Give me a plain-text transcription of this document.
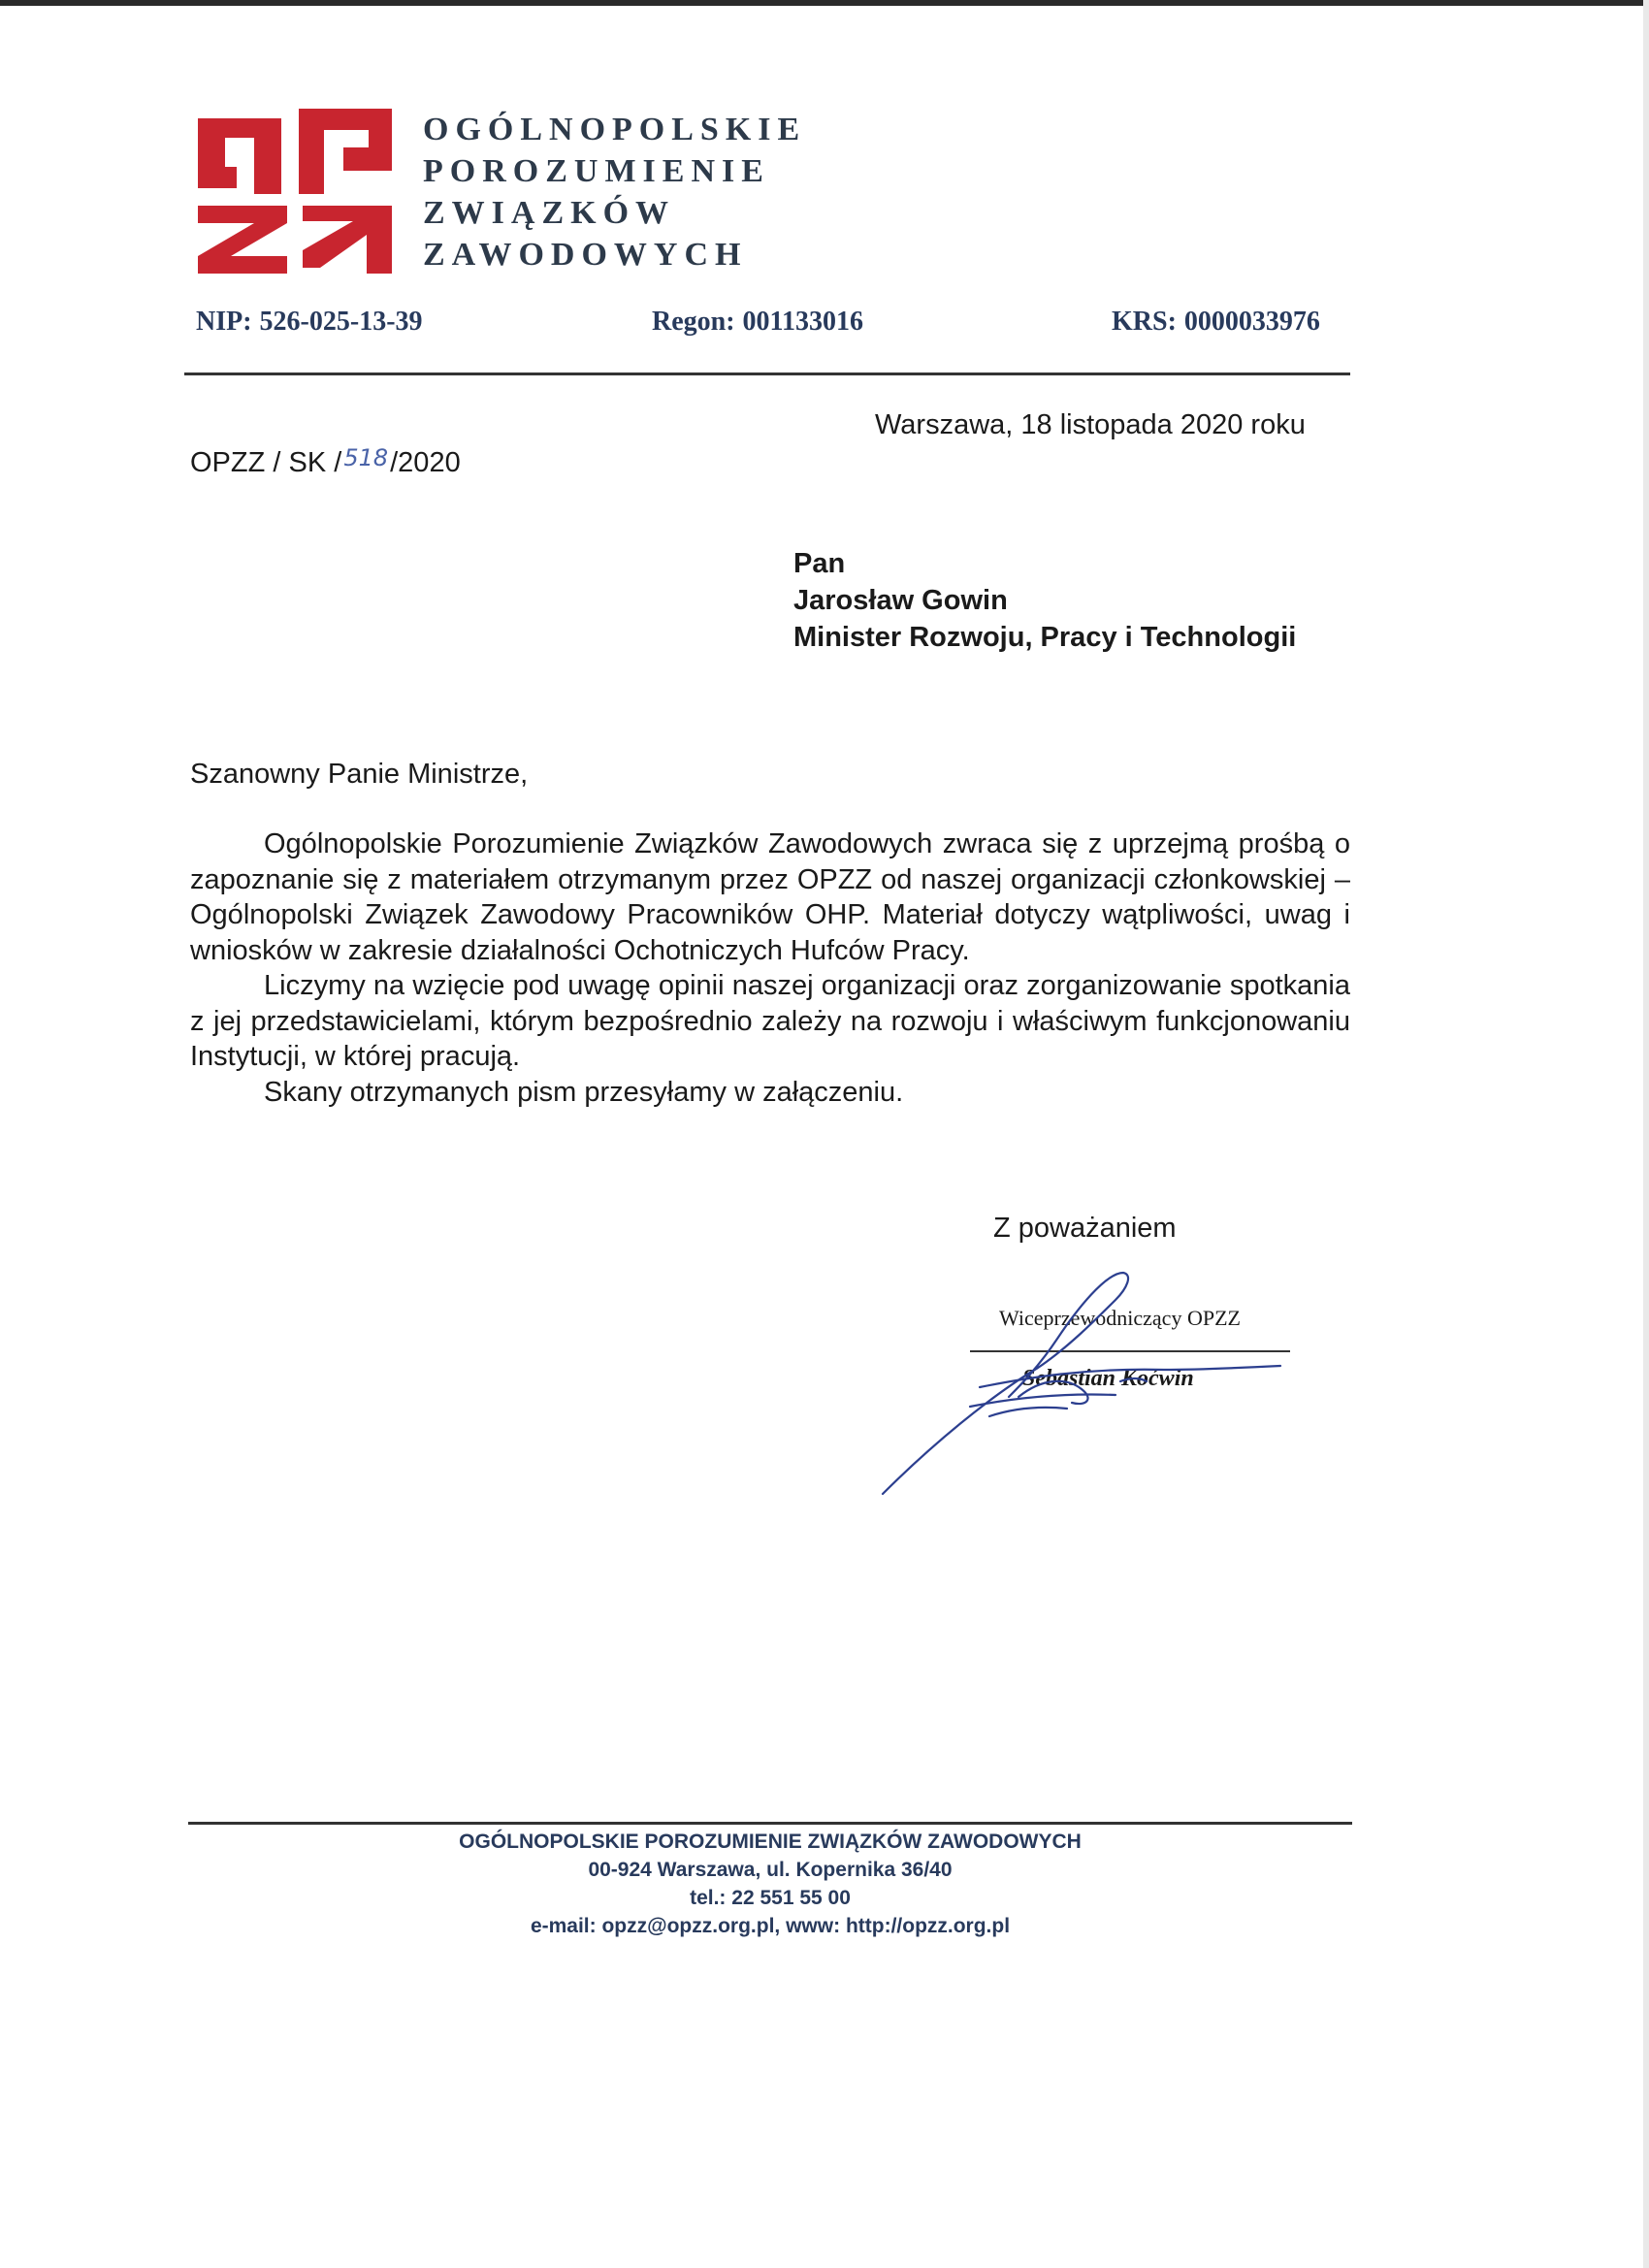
OGÓLNOPOLSKIE
POROZUMIENIE
ZWIĄZKÓW
ZAWODOWYCH
NIP: 526-025-13-39	Regon: 001133016	KRS: 0000033976
Warszawa, 18 listopada 2020 roku
OPZZ / SK /$^{518}$/2020
Pan
Jarosław Gowin
Minister Rozwoju, Pracy i Technologii
Szanowny Panie Ministrze,

Ogólnopolskie Porozumienie Związków Zawodowych zwraca się z uprzejmą prośbą o zapoznanie się z materiałem otrzymanym przez OPZZ od naszej organizacji członkowskiej – Ogólnopolski Związek Zawodowy Pracowników OHP. Materiał dotyczy wątpliwości, uwag i wniosków w zakresie działalności Ochotniczych Hufców Pracy.

Liczymy na wzięcie pod uwagę opinii naszej organizacji oraz zorganizowanie spotkania z jej przedstawicielami, którym bezpośrednio zależy na rozwoju i właściwym funkcjonowaniu Instytucji, w której pracują.

Skany otrzymanych pism przesyłamy w załączeniu.

Z poważaniem
Wiceprzewodniczący OPZZ
Sebastian Koćwin
OGÓLNOPOLSKIE POROZUMIENIE ZWIĄZKÓW ZAWODOWYCH
00-924 Warszawa, ul. Kopernika 36/40
tel.: 22 551 55 00
e-mail: opzz@opzz.org.pl, www: http://opzz.org.pl
